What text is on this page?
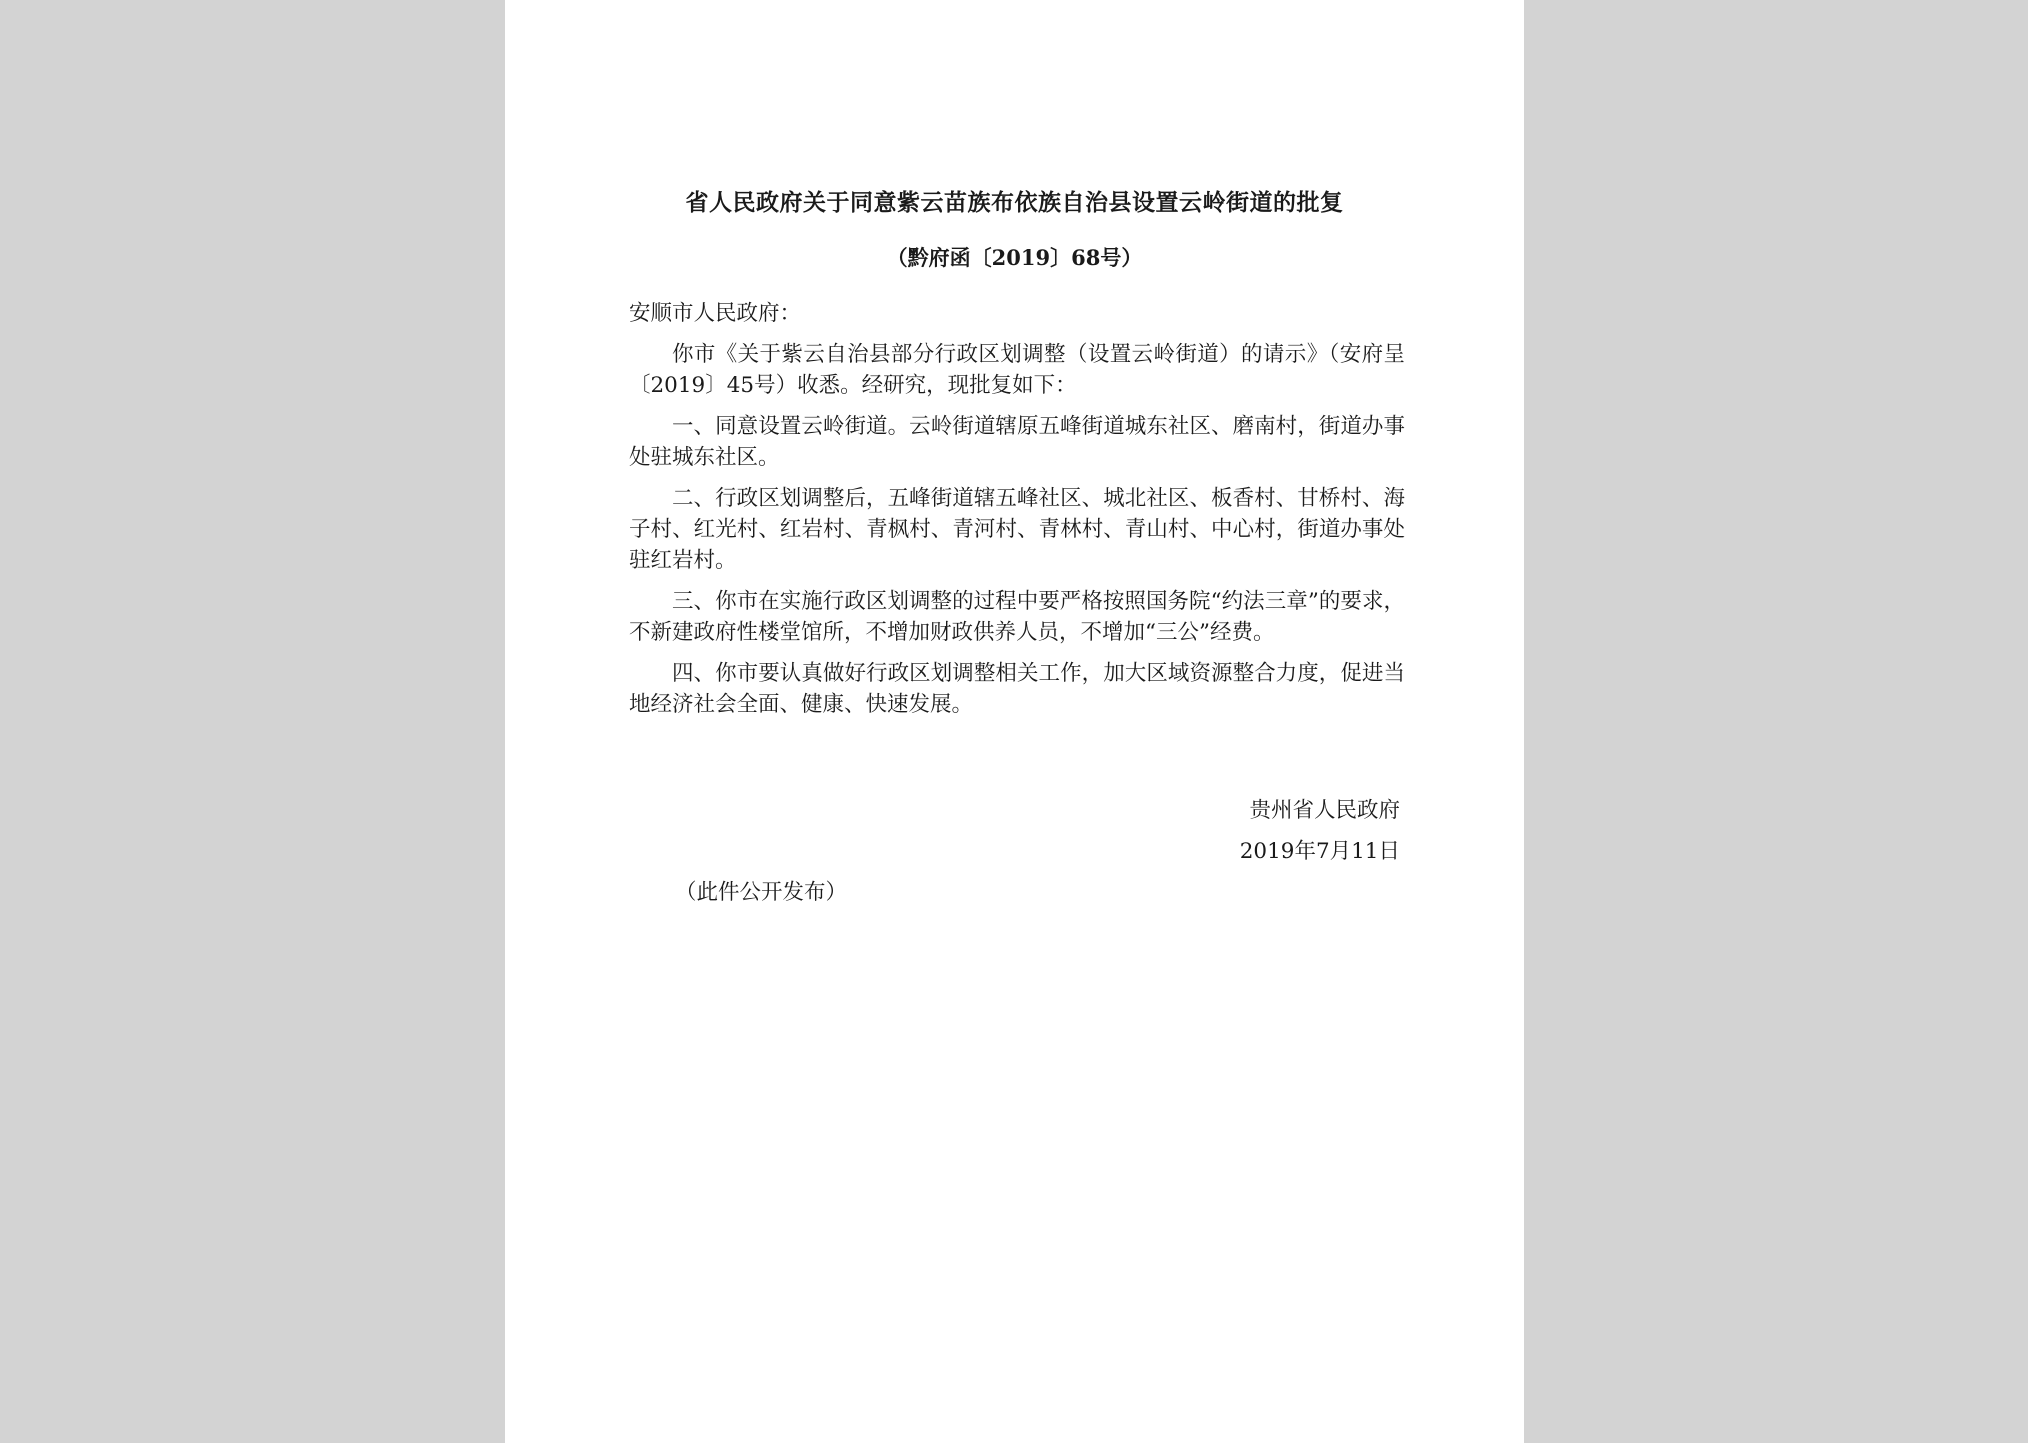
省人民政府关于同意紫云苗族布依族自治县设置云岭街道的批复
（黔府函〔2019〕68号）

安顺市人民政府：

你市《关于紫云自治县部分行政区划调整（设置云岭街道）的请示》（安府呈〔2019〕45号）收悉。经研究，现批复如下：

一、同意设置云岭街道。云岭街道辖原五峰街道城东社区、磨南村，街道办事处驻城东社区。

二、行政区划调整后，五峰街道辖五峰社区、城北社区、板香村、甘桥村、海子村、红光村、红岩村、青枫村、青河村、青林村、青山村、中心村，街道办事处驻红岩村。

三、你市在实施行政区划调整的过程中要严格按照国务院“约法三章”的要求，不新建政府性楼堂馆所，不增加财政供养人员，不增加“三公”经费。

四、你市要认真做好行政区划调整相关工作，加大区域资源整合力度，促进当地经济社会全面、健康、快速发展。

贵州省人民政府
2019年7月11日
（此件公开发布）
